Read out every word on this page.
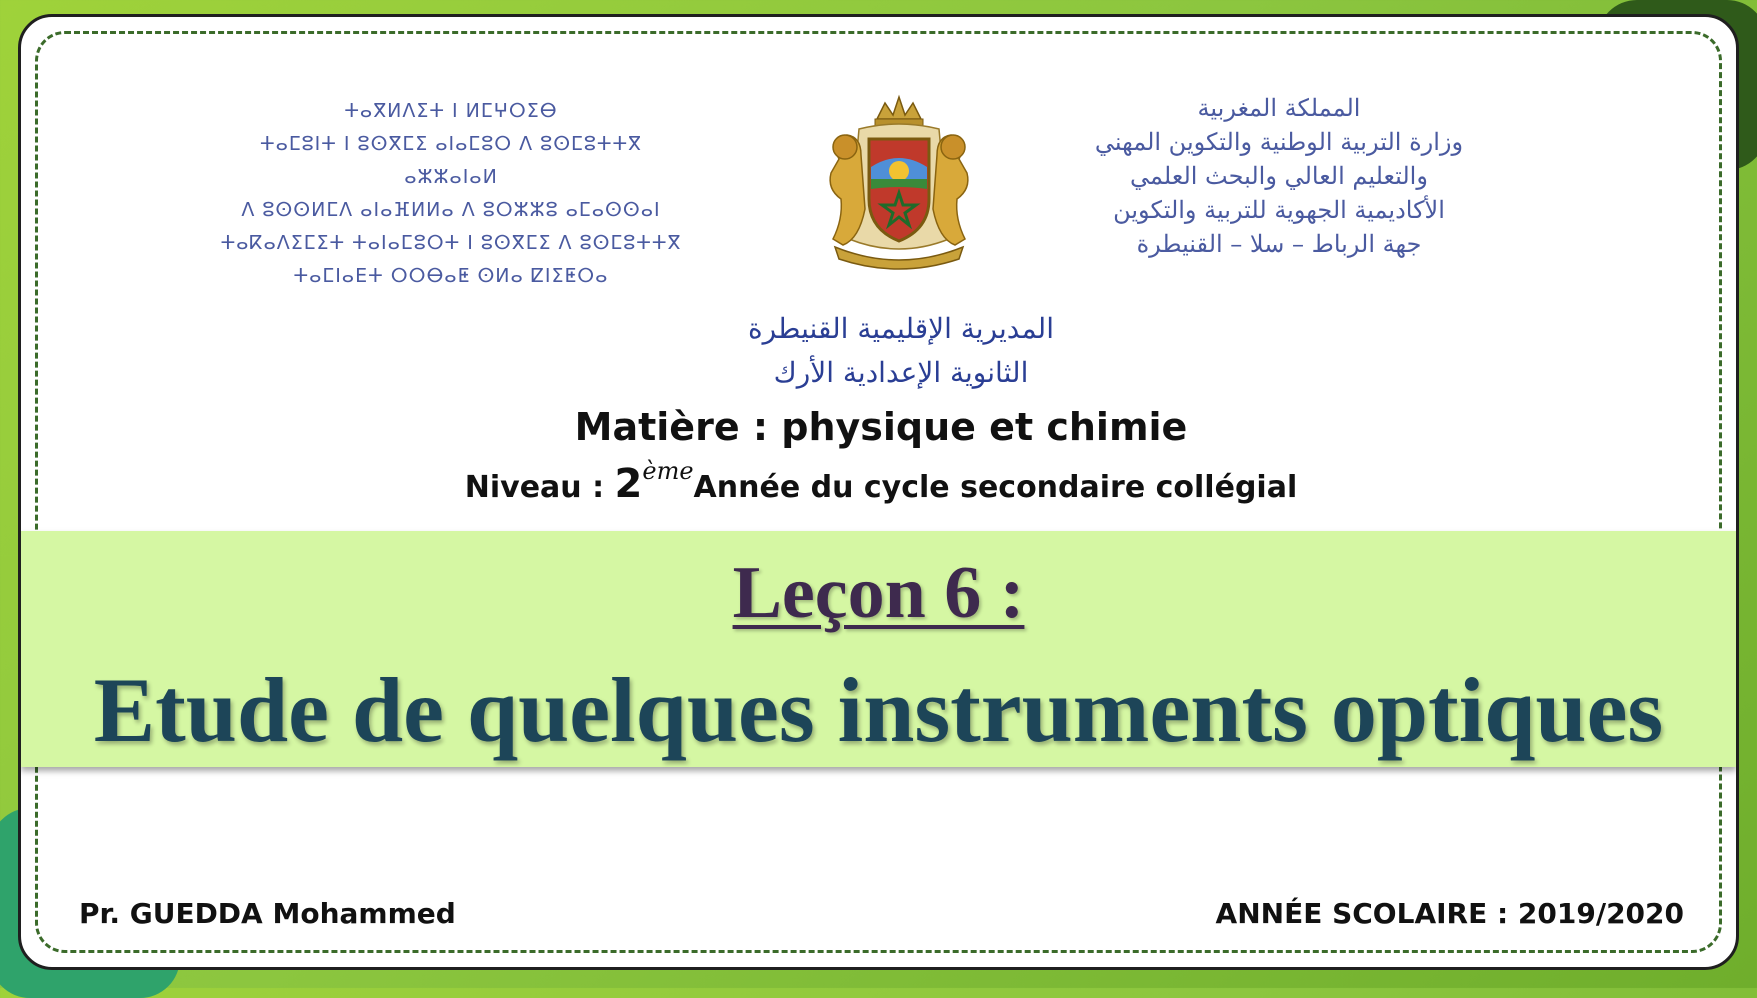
ⵜⴰⴳⵍⴷⵉⵜ ⵏ ⵍⵎⵖⵔⵉⴱ
ⵜⴰⵎⵓⵏⵜ ⵏ ⵓⵙⴳⵎⵉ ⴰⵏⴰⵎⵓⵔ ⴷ ⵓⵙⵎⵓⵜⵜⴳ ⴰⵣⵣⴰⵏⴰⵍ
ⴷ ⵓⵙⵙⵍⵎⴷ ⴰⵏⴰⴼⵍⵍⴰ ⴷ ⵓⵔⵣⵣⵓ ⴰⵎⴰⵙⵙⴰⵏ
ⵜⴰⴽⴰⴷⵉⵎⵉⵜ ⵜⴰⵏⴰⵎⵓⵔⵜ ⵏ ⵓⵙⴳⵎⵉ ⴷ ⵓⵙⵎⵓⵜⵜⴳ
ⵜⴰⵎⵏⴰⴹⵜ ⵔⵔⴱⴰⵟ ⵙⵍⴰ ⵇⵏⵉⵟⵔⴰ
المملكة المغربية
وزارة التربية الوطنية والتكوين المهني
والتعليم العالي والبحث العلمي
الأكاديمية الجهوية للتربية والتكوين
جهة الرباط – سلا – القنيطرة
المديرية الإقليمية القنيطرة
الثانوية الإعدادية الأرك
Matière : physique et chimie
Niveau : 2èmeAnnée du cycle secondaire collégial
Leçon 6 :
Etude de quelques instruments optiques
Pr. GUEDDA Mohammed	ANNÉE SCOLAIRE : 2019/2020
